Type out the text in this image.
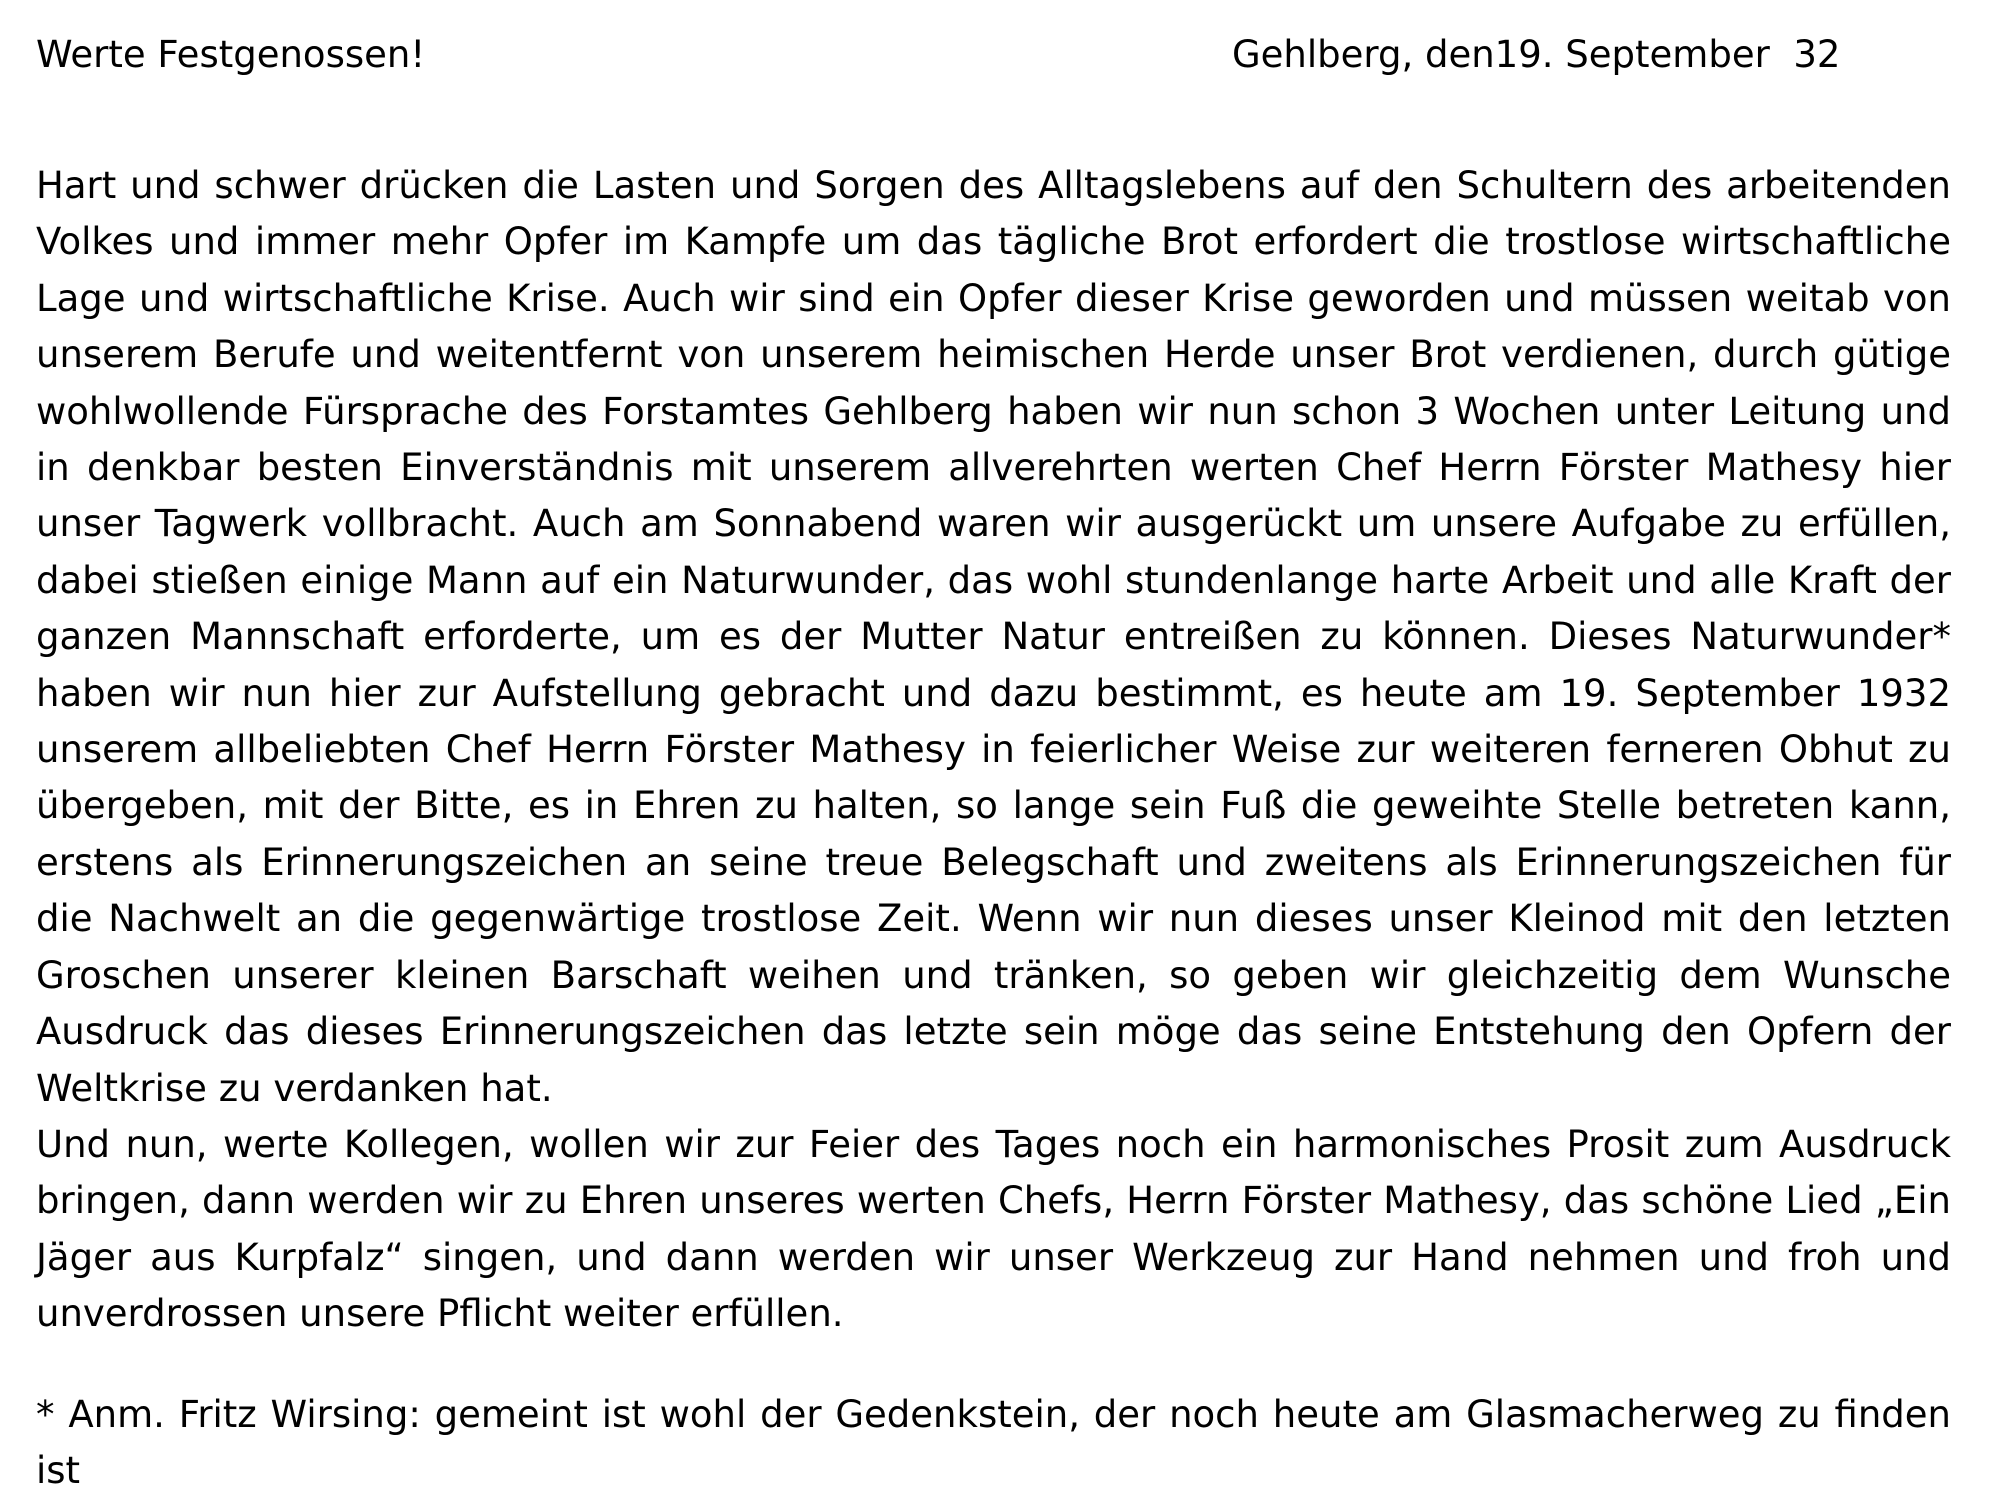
Werte Festgenossen!	Gehlberg, den19. September  32

Hart und schwer drücken die Lasten und Sorgen des Alltagslebens auf den Schultern des arbeitenden Volkes und immer mehr Opfer im Kampfe um das tägliche Brot erfordert die trostlose wirtschaftliche Lage und wirtschaftliche Krise. Auch wir sind ein Opfer dieser Krise geworden und müssen weitab von unserem Berufe und weitentfernt von unserem heimischen Herde unser Brot verdienen, durch gütige wohlwollende Fürsprache des Forstamtes Gehlberg haben wir nun schon 3 Wochen unter Leitung und in denkbar besten Einverständnis mit unserem allverehrten werten Chef Herrn Förster Mathesy hier unser Tagwerk vollbracht. Auch am Sonnabend waren wir ausgerückt um unsere Aufgabe zu erfüllen, dabei stießen einige Mann auf ein Naturwunder, das wohl stundenlange harte Arbeit und alle Kraft der ganzen Mannschaft erforderte, um es der Mutter Natur entreißen zu können. Dieses Naturwunder* haben wir nun hier zur Aufstellung gebracht und dazu bestimmt, es heute am 19. September 1932 unserem allbeliebten Chef Herrn Förster Mathesy in feierlicher Weise zur weiteren ferneren Obhut zu übergeben, mit der Bitte, es in Ehren zu halten, so lange sein Fuß die geweihte Stelle betreten kann, erstens als Erinnerungszeichen an seine treue Belegschaft und zweitens als Erinnerungszeichen für die Nachwelt an die gegenwärtige trostlose Zeit. Wenn wir nun dieses unser Kleinod mit den letzten Groschen unserer kleinen Barschaft weihen und tränken, so geben wir gleichzeitig dem Wunsche Ausdruck das dieses Erinnerungszeichen das letzte sein möge das seine Entstehung den Opfern der Weltkrise zu verdanken hat.

Und nun, werte Kollegen, wollen wir zur Feier des Tages noch ein harmonisches Prosit zum Ausdruck bringen, dann werden wir zu Ehren unseres werten Chefs, Herrn Förster Mathesy, das schöne Lied „Ein Jäger aus Kurpfalz“ singen, und dann werden wir unser Werkzeug zur Hand nehmen und froh und unverdrossen unsere Pflicht weiter erfüllen.

* Anm. Fritz Wirsing: gemeint ist wohl der Gedenkstein, der noch heute am Glasmacherweg zu finden ist
